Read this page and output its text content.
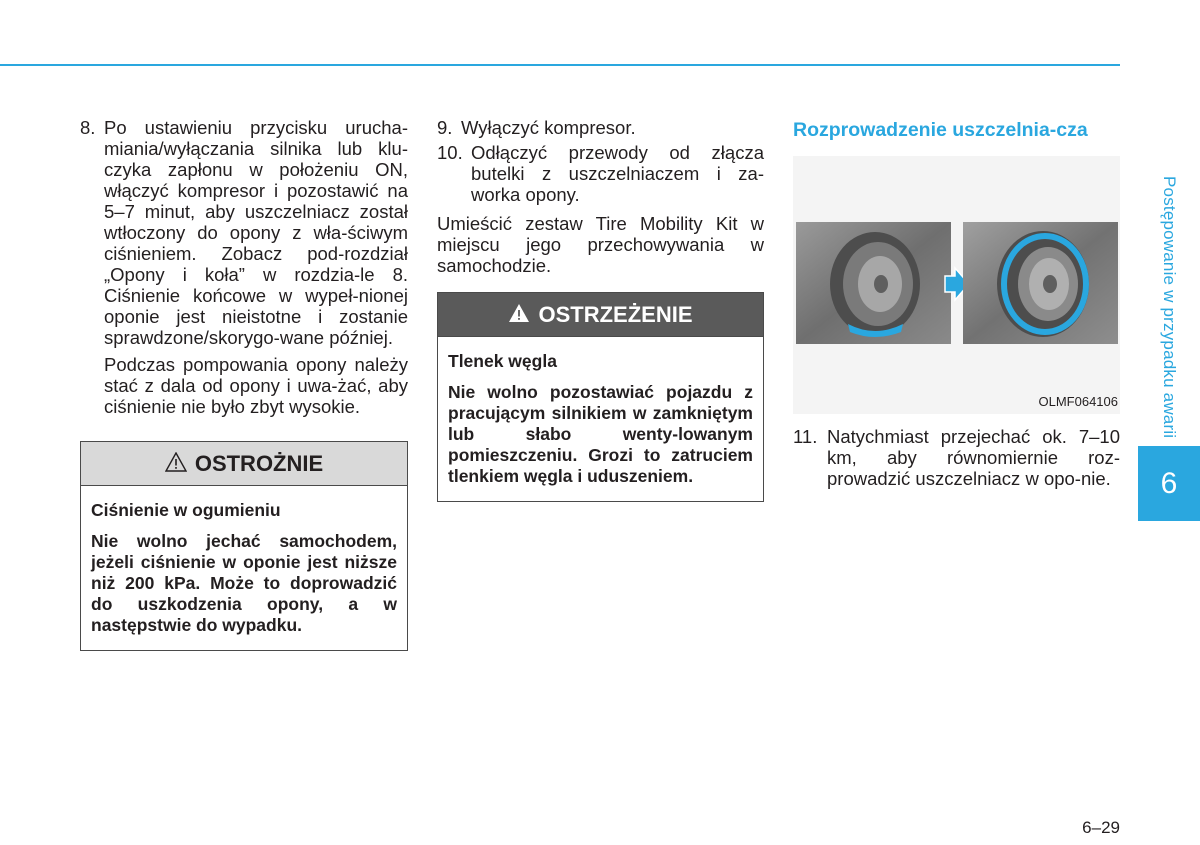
8. Po ustawieniu przycisku urucha-miania/wyłączania silnika lub klu-czyka zapłonu w położeniu ON, włączyć kompresor i pozostawić na 5–7 minut, aby uszczelniacz został wtłoczony do opony z wła-ściwym ciśnieniem. Zobacz pod-rozdział „Opony i koła” w rozdzia-le 8. Ciśnienie końcowe w wypeł-nionej oponie jest nieistotne i zostanie sprawdzone/skorygo-wane później.
Podczas pompowania opony należy stać z dala od opony i uwa-żać, aby ciśnienie nie było zbyt wysokie.
OSTROŻNIE
Ciśnienie w ogumieniu
Nie wolno jechać samochodem, jeżeli ciśnienie w oponie jest niższe niż 200 kPa. Może to doprowadzić do uszkodzenia opony, a w następstwie do wypadku.
9. Wyłączyć kompresor.
10. Odłączyć przewody od złącza butelki z uszczelniaczem i za-worka opony.
Umieścić zestaw Tire Mobility Kit w miejscu jego przechowywania w samochodzie.
OSTRZEŻENIE
Tlenek węgla
Nie wolno pozostawiać pojazdu z pracującym silnikiem w zamkniętym lub słabo wenty-lowanym pomieszczeniu. Grozi to zatruciem tlenkiem węgla i uduszeniem.
Rozprowadzenie uszczelnia-cza
OLMF064106
11. Natychmiast przejechać ok. 7–10 km, aby równomiernie roz-prowadzić uszczelniacz w opo-nie.
Postępowanie w przypadku awarii
6
6–29
